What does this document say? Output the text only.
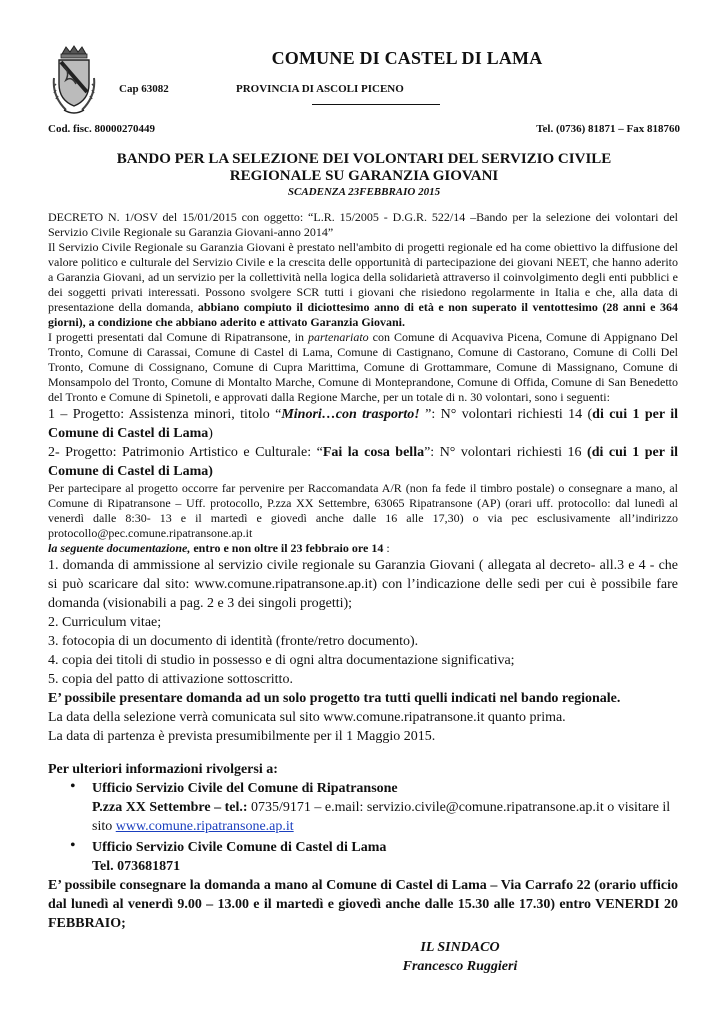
COMUNE DI CASTEL DI LAMA
Cap 63082	PROVINCIA DI ASCOLI PICENO
Cod. fisc. 80000270449	Tel. (0736) 81871 – Fax 818760
BANDO PER LA SELEZIONE DEI VOLONTARI DEL SERVIZIO CIVILE
REGIONALE SU GARANZIA GIOVANI
SCADENZA 23FEBBRAIO 2015

DECRETO N. 1/OSV del 15/01/2015 con oggetto: “L.R. 15/2005 - D.G.R. 522/14 –Bando per la selezione dei volontari del Servizio Civile Regionale su Garanzia Giovani-anno 2014”

Il Servizio Civile Regionale su Garanzia Giovani è prestato nell'ambito di progetti regionale ed ha come obiettivo la diffusione del valore politico e culturale del Servizio Civile e la crescita delle opportunità di partecipazione dei giovani NEET, che hanno aderito a Garanzia Giovani, ad un servizio per la collettività nella logica della solidarietà attraverso il coinvolgimento degli enti pubblici e dei soggetti privati interessati. Possono svolgere SCR tutti i giovani che risiedono regolarmente in Italia e che, alla data di presentazione della domanda, abbiano compiuto il diciottesimo anno di età e non superato il ventottesimo (28 anni e 364 giorni), a condizione che abbiano aderito e attivato Garanzia Giovani.

I progetti presentati dal Comune di Ripatransone, in partenariato con Comune di Acquaviva Picena, Comune di Appignano Del Tronto, Comune di Carassai, Comune di Castel di Lama, Comune di Castignano, Comune di Castorano, Comune di Colli Del Tronto, Comune di Cossignano, Comune di Cupra Marittima, Comune di Grottammare, Comune di Massignano, Comune di Monsampolo del Tronto, Comune di Montalto Marche, Comune di Monteprandone, Comune di Offida, Comune di San Benedetto del Tronto e Comune di Spinetoli, e approvati dalla Regione Marche, per un totale di n. 30 volontari, sono i seguenti:

1 – Progetto: Assistenza minori, titolo “Minori…con trasporto! ”: N° volontari richiesti 14 (di cui 1 per il Comune di Castel di Lama)

2- Progetto: Patrimonio Artistico e Culturale: “Fai la cosa bella”: N° volontari richiesti 16 (di cui 1 per il Comune di Castel di Lama)

Per partecipare al progetto occorre far pervenire per Raccomandata A/R (non fa fede il timbro postale) o consegnare a mano, al Comune di Ripatransone – Uff. protocollo, P.zza XX Settembre, 63065 Ripatransone (AP) (orari uff. protocollo: dal lunedì al venerdì dalle 8:30- 13 e il martedì e giovedì anche dalle 16 alle 17,30) o via pec esclusivamente all’indirizzo protocollo@pec.comune.ripatransone.ap.it

la seguente documentazione, entro e non oltre il 23 febbraio ore 14 :

1. domanda di ammissione al servizio civile regionale su Garanzia Giovani ( allegata al decreto- all.3 e 4 - che si può scaricare dal sito: www.comune.ripatransone.ap.it) con l’indicazione delle sedi per cui è possibile fare domanda (visionabili a pag. 2 e 3 dei singoli progetti);

2. Curriculum vitae;

3. fotocopia di un documento di identità (fronte/retro documento).

4. copia dei titoli di studio in possesso e di ogni altra documentazione significativa;

5. copia del patto di attivazione sottoscritto.

E’ possibile presentare domanda ad un solo progetto tra tutti quelli indicati nel bando regionale.

La data della selezione verrà comunicata sul sito www.comune.ripatransone.it quanto prima.

La data di partenza è prevista presumibilmente per il 1 Maggio 2015.

Per ulteriori informazioni rivolgersi a:

• Ufficio Servizio Civile del Comune di Ripatransone
P.zza XX Settembre – tel.: 0735/9171 – e.mail: servizio.civile@comune.ripatransone.ap.it o visitare il sito www.comune.ripatransone.ap.it
• Ufficio Servizio Civile Comune di Castel di Lama
Tel. 073681871

E’ possibile consegnare la domanda a mano al Comune di Castel di Lama – Via Carrafo 22 (orario ufficio dal lunedì al venerdì 9.00 – 13.00 e il martedì e giovedì anche dalle 15.30 alle 17.30) entro VENERDI 20 FEBBRAIO;

IL SINDACO
Francesco Ruggieri
